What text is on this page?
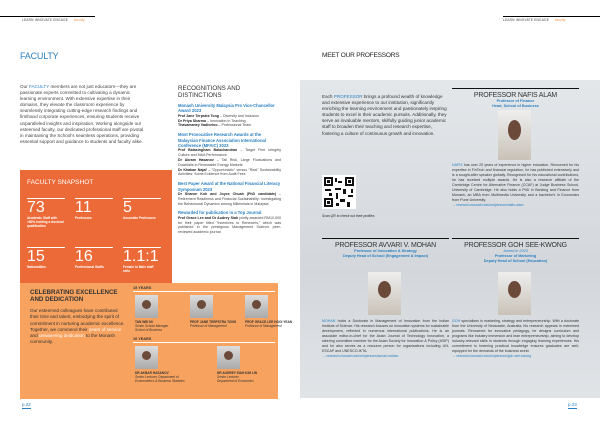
LEARN INNOVATE ENGAGE faculty
FACULTY
Our FACULTY members are not just educators—they are passionate experts committed to cultivating a dynamic learning environment. With extensive expertise in their domains, they elevate the classroom experience by seamlessly integrating cutting-edge research findings and firsthand corporate experiences, ensuring students receive unparalleled insights and inspiration. Working alongside our esteemed faculty, our dedicated professional staff are pivotal in maintaining the School's seamless operations, providing essential support and guidance to students and faculty alike.
RECOGNITIONS AND DISTINCTIONS
Monash University Malaysia Pro Vice-Chancellor Award 2023
Prof Jane Terpstra Tong – Diversity and Inclusion
Dr Priya Sharma – Innovation in Teaching
Thavamaney Vadiveloo – Professional Team
Most Provocative Research Awards at the Malaysian Finance Association International Conference (MFAIC) 2023
Prof Balasingham Balachandran – Target Firm Integrity Culture and M&A Performance
Dr Akram Hasanov – Tail Risk, Large Fluctuations and Downfalls in Renewable Energy Markets
Dr Khakan Najaf – "Opportunistic" versus "Real" Sustainability Activities: Some Evidence from Audit Fees
Best Paper Award at the National Financial Literacy Symposium 2023
Dr Sharon Koh and Joyce Chuah (PhD candidate) – Retirement Readiness and Financial Sustainability: Investigating the Behavioural Dynamics among Millennials in Malaysia
Rewarded for publication in a Top Journal
Prof Grace Lee and Dr Audrey Siah jointly awarded RM10,000 for their paper titled "Incentives to Renewers," which was published in the prestigious Management Science peer-reviewed academic journal
FACULTY SNAPSHOT
73
Academic Staff with >80% holding a doctoral qualification
11
Professors
5
Associate Professors
15
Nationalities
16
Professional Staffs
1.1:1
Female to Male staff ratio
CELEBRATING EXCELLENCE AND DEDICATION
Our esteemed colleagues have contributed their time and talent, embodying the spirit of commitment in nurturing academic excellence. Together, we commend their years of service and unwavering dedication to the Monash community.
15 YEARS
TAN WEI MI
Senior School Manager
School of Business
PROF JANE TERPSTRA TONG
Professor of Management
PROF GRACE LEE HOOI YEAN
Professor of Management
10 YEARS
DR AKBAR HASANOV
Senior Lecturer, Department of
Econometrics & Business Statistics
DR AUDREY SIAH KIM LIN
Senior Lecturer
Department of Economics
p.22
LEARN INNOVATE ENGAGE faculty
MEET OUR PROFESSORS
Each PROFESSOR brings a profound wealth of knowledge and extensive experience to our institution, significantly enriching the learning environment and passionately inspiring students to excel in their academic pursuits. Additionally, they serve as invaluable mentors, skilfully guiding junior academic staff to broaden their teaching and research expertise, fostering a culture of continuous growth and innovation.
Scan QR to check out their profiles
PROFESSOR NAFIS ALAM
Professor of Finance
Head, School of Business
NAFIS has over 20 years of experience in higher education. Renowned for his expertise in FinTech and financial regulation, he has published extensively and is a sought-after speaker globally. Recognised for his educational contributions, he has received multiple awards. He is also a research affiliate of the Cambridge Centre for Alternative Finance (CCAF) at Judge Business School, University of Cambridge. He also holds a PhD in Banking and Finance from Monash, an MBA from Multimedia University and a bachelor's in Economics from Pune University.
→ research.monash.edu/en/persons/nafis-alam
PROFESSOR AVVARI V. MOHAN
Professor of Innovation & Strategy
Deputy Head of School (Engagement & Impact)
MOHAN holds a Doctorate in Management of Innovation from the Indian Institute of Science. His research focuses on innovation systems for sustainable development, reflected in numerous international publications. He is an associate editor-in-chief for the Asian Journal of Technology Innovation, a steering committee member for the Asian Society for Innovation & Policy (ASIP) and he also serves as a resource person for organisations including UN-ESCAP and UNESCO-IKTA.
→ research.monash.edu/en/persons/avvari-mohan
PROFESSOR GOH SEE-KWONG
Joined in 2023
Professor of Marketing
Deputy Head of School (Education)
GOH specialises in marketing, strategy and entrepreneurship. With a doctorate from the University of Newcastle, Australia, his research appears in esteemed journals. Renowned for innovative pedagogy, he designs curriculum and programs like industry immersion and lean entrepreneurship, aiming to develop industry-relevant skills in students through engaging learning experiences. His commitment to fostering practical knowledge ensures graduates are well-equipped for the demands of the business world.
→ research.monash.edu/en/persons/goh-see-kwong
p.23
